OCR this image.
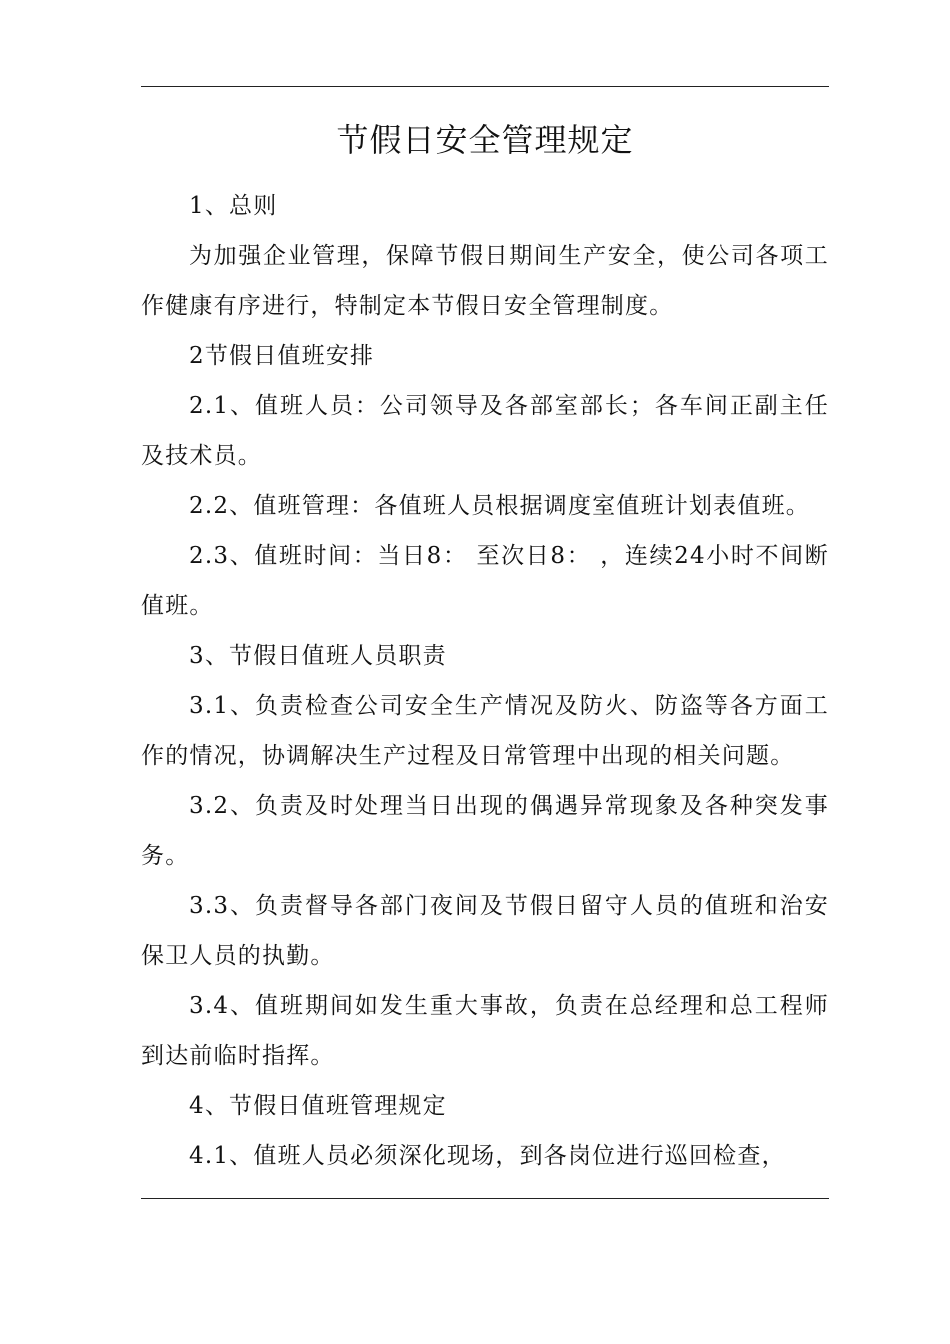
节假日安全管理规定

1、总则

为加强企业管理，保障节假日期间生产安全，使公司各项工作健康有序进行，特制定本节假日安全管理制度。

2节假日值班安排

2.1、值班人员：公司领导及各部室部长；各车间正副主任及技术员。

2.2、值班管理：各值班人员根据调度室值班计划表值班。

2.3、值班时间：当日8： 至次日8： ，连续24小时不间断值班。

3、节假日值班人员职责

3.1、负责检查公司安全生产情况及防火、防盗等各方面工作的情况，协调解决生产过程及日常管理中出现的相关问题。

3.2、负责及时处理当日出现的偶遇异常现象及各种突发事务。

3.3、负责督导各部门夜间及节假日留守人员的值班和治安保卫人员的执勤。

3.4、值班期间如发生重大事故，负责在总经理和总工程师到达前临时指挥。

4、节假日值班管理规定

4.1、值班人员必须深化现场，到各岗位进行巡回检查，
